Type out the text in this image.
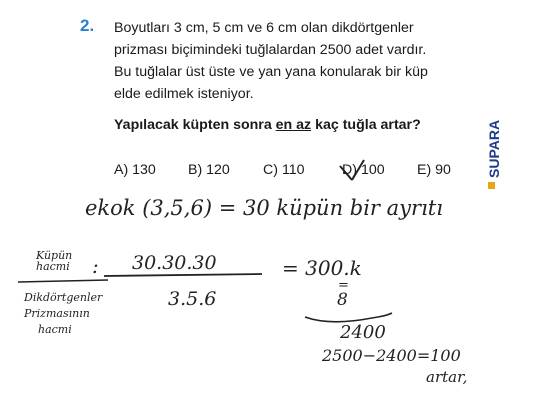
2. Boyutları 3 cm, 5 cm ve 6 cm olan dikdörtgenler
prizması biçimindeki tuğlalardan 2500 adet vardır.
Bu tuğlalar üst üste ve yan yana konularak bir küp
elde edilmek isteniyor.
Yapılacak küpten sonra en az kaç tuğla artar?
A) 130 B) 120 C) 110	D) 100 E) 90	SUPARA
ekok (3,5,6) = 30 küpün bir ayrıtı
Küpün
hacmi :
Dikdörtgenler
Prizmasının
hacmi
30.30.30
3.5.6
= 300.k
=
8
2400
2500−2400=100
artar,
